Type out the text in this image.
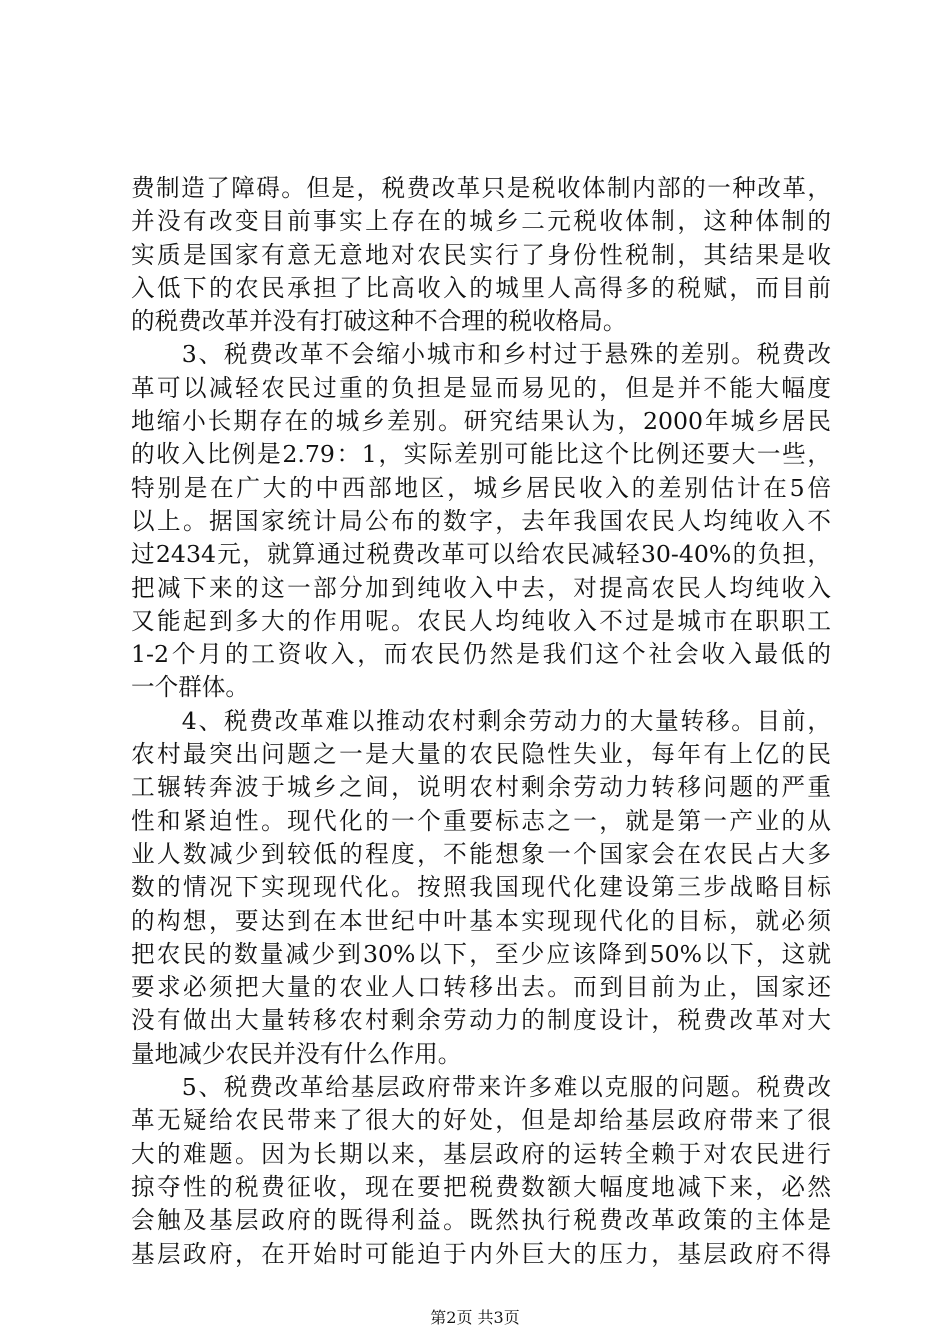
费制造了障碍。但是，税费改革只是税收体制内部的一种改革，
并没有改变目前事实上存在的城乡二元税收体制，这种体制的
实质是国家有意无意地对农民实行了身份性税制，其结果是收
入低下的农民承担了比高收入的城里人高得多的税赋，而目前
的税费改革并没有打破这种不合理的税收格局。
　　3、税费改革不会缩小城市和乡村过于悬殊的差别。税费改
革可以减轻农民过重的负担是显而易见的，但是并不能大幅度
地缩小长期存在的城乡差别。研究结果认为，2000年城乡居民
的收入比例是2.79：1，实际差别可能比这个比例还要大一些，
特别是在广大的中西部地区，城乡居民收入的差别估计在5倍
以上。据国家统计局公布的数字，去年我国农民人均纯收入不
过2434元，就算通过税费改革可以给农民减轻30-40%的负担，
把减下来的这一部分加到纯收入中去，对提高农民人均纯收入
又能起到多大的作用呢。农民人均纯收入不过是城市在职职工
1-2个月的工资收入，而农民仍然是我们这个社会收入最低的
一个群体。
　　4、税费改革难以推动农村剩余劳动力的大量转移。目前，
农村最突出问题之一是大量的农民隐性失业，每年有上亿的民
工辗转奔波于城乡之间，说明农村剩余劳动力转移问题的严重
性和紧迫性。现代化的一个重要标志之一，就是第一产业的从
业人数减少到较低的程度，不能想象一个国家会在农民占大多
数的情况下实现现代化。按照我国现代化建设第三步战略目标
的构想，要达到在本世纪中叶基本实现现代化的目标，就必须
把农民的数量减少到30%以下，至少应该降到50%以下，这就
要求必须把大量的农业人口转移出去。而到目前为止，国家还
没有做出大量转移农村剩余劳动力的制度设计，税费改革对大
量地减少农民并没有什么作用。
　　5、税费改革给基层政府带来许多难以克服的问题。税费改
革无疑给农民带来了很大的好处，但是却给基层政府带来了很
大的难题。因为长期以来，基层政府的运转全赖于对农民进行
掠夺性的税费征收，现在要把税费数额大幅度地减下来，必然
会触及基层政府的既得利益。既然执行税费改革政策的主体是
基层政府，在开始时可能迫于内外巨大的压力，基层政府不得
第2页 共3页
